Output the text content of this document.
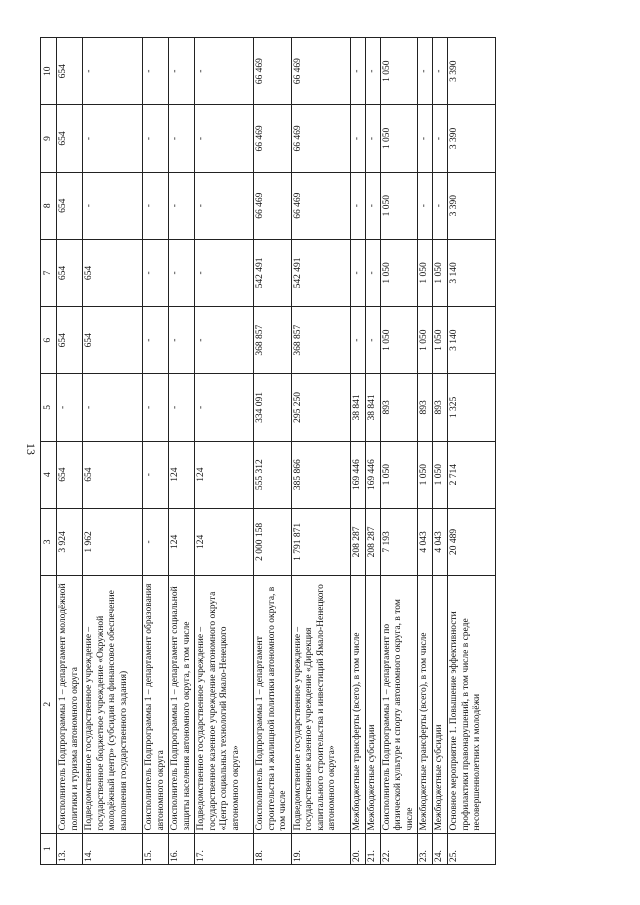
13
1	2	3	4	5	6	7	8	9	10
13.	Соисполнитель Подпрограммы 1 – департамент молодёжной политики и туризма автономного округа	3 924	654	-	654	654	654	654	654
14.	Подведомственное государственное учреждение – государственное бюджетное учреждение «Окружной молодёжный центр» (субсидия на финансовое обеспечение выполнения государственного задания)	1 962	654	-	654	654	-	-	-
15.	Соисполнитель Подпрограммы 1 – департамент образования автономного округа	-	-	-	-	-	-	-	-
16.	Соисполнитель Подпрограммы 1 – департамент социальной защиты населения автономного округа, в том числе	124	124	-	-	-	-	-	-
17.	Подведомственное государственное учреждение – государственное казенное учреждение автономного округа «Центр социальных технологий Ямало-Ненецкого автономного округа»	124	124	-	-	-	-	-	-
18.	Соисполнитель Подпрограммы 1 – департамент строительства и жилищной политики автономного округа, в том числе	2 000 158	555 312	334 091	368 857	542 491	66 469	66 469	66 469
19.	Подведомственное государственное учреждение – государственное казенное учреждение «Дирекция капитального строительства и инвестиций Ямало-Ненецкого автономного округа»	1 791 871	385 866	295 250	368 857	542 491	66 469	66 469	66 469
20.	Межбюджетные трансферты (всего), в том числе	208 287	169 446	38 841	-	-	-	-	-
21.	Межбюджетные субсидии	208 287	169 446	38 841	-	-	-	-	-
22.	Соисполнитель Подпрограммы 1 – департамент по физической культуре и спорту автономного округа, в том числе	7 193	1 050	893	1 050	1 050	1 050	1 050	1 050
23.	Межбюджетные трансферты (всего), в том числе	4 043	1 050	893	1 050	1 050	-	-	-
24.	Межбюджетные субсидии	4 043	1 050	893	1 050	1 050	-	-	-
25.	Основное мероприятие 1. Повышение эффективности профилактики правонарушений, в том числе в среде несовершеннолетних и молодёжи	20 489	2 714	1 325	3 140	3 140	3 390	3 390	3 390
